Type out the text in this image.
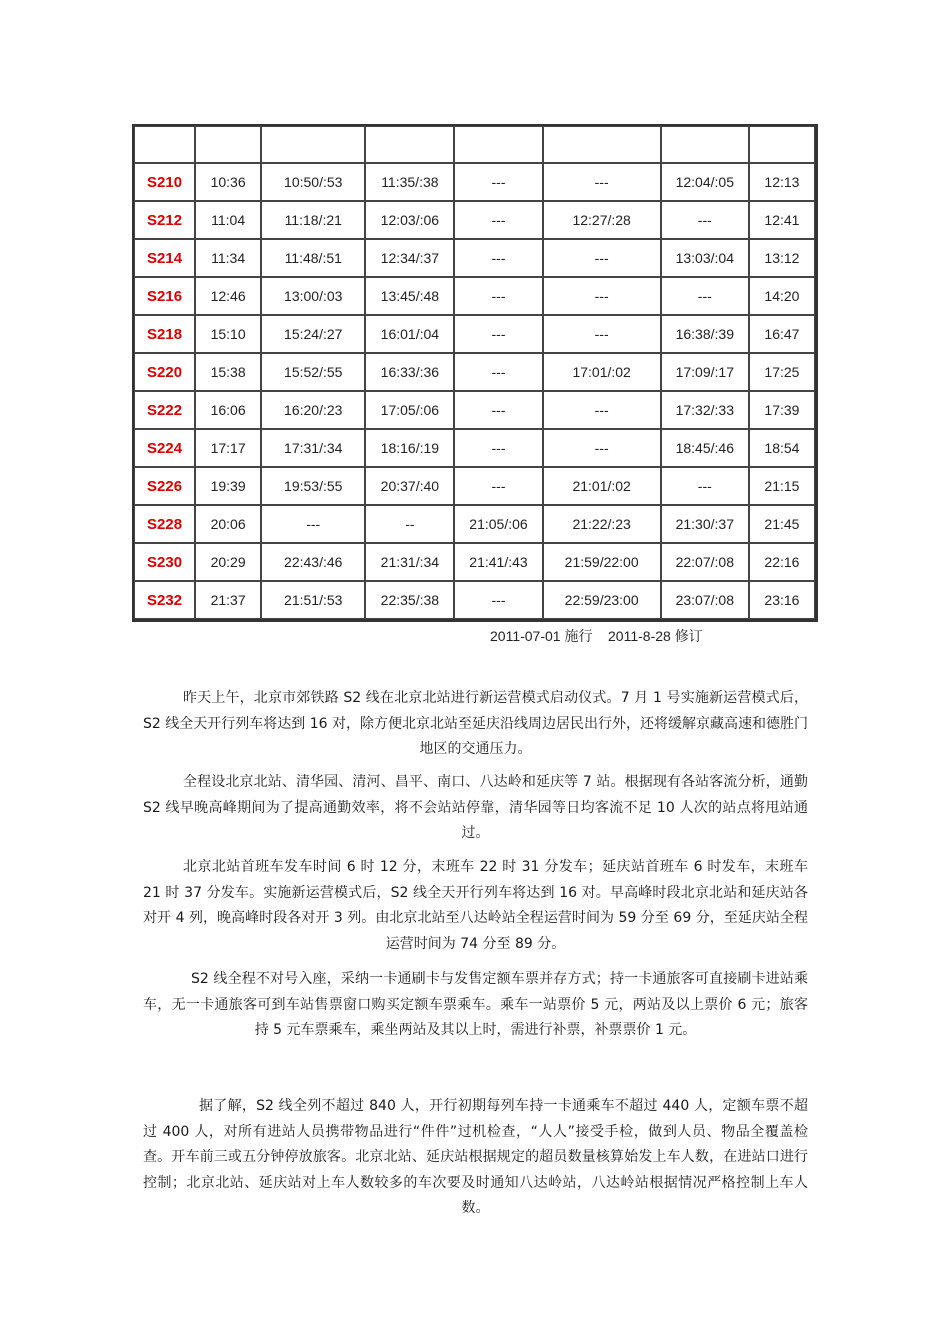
S210	10:36	10:50/:53	11:35/:38	---	---	12:04/:05	12:13
S212	11:04	11:18/:21	12:03/:06	---	12:27/:28	---	12:41
S214	11:34	11:48/:51	12:34/:37	---	---	13:03/:04	13:12
S216	12:46	13:00/:03	13:45/:48	---	---	---	14:20
S218	15:10	15:24/:27	16:01/:04	---	---	16:38/:39	16:47
S220	15:38	15:52/:55	16:33/:36	---	17:01/:02	17:09/:17	17:25
S222	16:06	16:20/:23	17:05/:06	---	---	17:32/:33	17:39
S224	17:17	17:31/:34	18:16/:19	---	---	18:45/:46	18:54
S226	19:39	19:53/:55	20:37/:40	---	21:01/:02	---	21:15
S228	20:06	---	--	21:05/:06	21:22/:23	21:30/:37	21:45
S230	20:29	22:43/:46	21:31/:34	21:41/:43	21:59/22:00	22:07/:08	22:16
S232	21:37	21:51/:53	22:35/:38	---	22:59/23:00	23:07/:08	23:16
2011-07-01 施行    2011-8-28 修订

昨天上午，北京市郊铁路 S2 线在北京北站进行新运营模式启动仪式。7 月 1 号实施新运营模式后，S2 线全天开行列车将达到 16 对，除方便北京北站至延庆沿线周边居民出行外，还将缓解京藏高速和德胜门地区的交通压力。

全程设北京北站、清华园、清河、昌平、南口、八达岭和延庆等 7 站。根据现有各站客流分析，通勤 S2 线早晚高峰期间为了提高通勤效率，将不会站站停靠，清华园等日均客流不足 10 人次的站点将甩站通过。

北京北站首班车发车时间 6 时 12 分，末班车 22 时 31 分发车；延庆站首班车 6 时发车，末班车 21 时 37 分发车。实施新运营模式后，S2 线全天开行列车将达到 16 对。早高峰时段北京北站和延庆站各对开 4 列，晚高峰时段各对开 3 列。由北京北站至八达岭站全程运营时间为 59 分至 69 分，至延庆站全程运营时间为 74 分至 89 分。

S2 线全程不对号入座，采纳一卡通刷卡与发售定额车票并存方式；持一卡通旅客可直接刷卡进站乘车，无一卡通旅客可到车站售票窗口购买定额车票乘车。乘车一站票价 5 元，两站及以上票价 6 元；旅客持 5 元车票乘车，乘坐两站及其以上时，需进行补票，补票票价 1 元。

据了解，S2 线全列不超过 840 人，开行初期每列车持一卡通乘车不超过 440 人，定额车票不超过 400 人，对所有进站人员携带物品进行“件件”过机检查，“人人”接受手检，做到人员、物品全覆盖检查。开车前三或五分钟停放旅客。北京北站、延庆站根据规定的超员数量核算始发上车人数，在进站口进行控制；北京北站、延庆站对上车人数较多的车次要及时通知八达岭站，八达岭站根据情况严格控制上车人数。
